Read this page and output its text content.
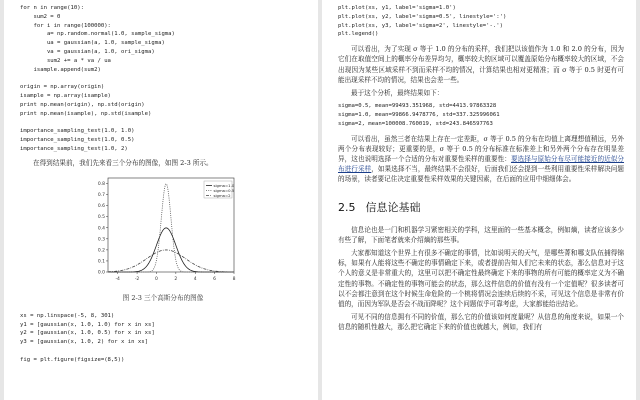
for n in range(10):
sum2 = 0
for i in range(100000):
a= np.random.normal(1.0, sample_sigma)
ua = gaussian(a, 1.0, sample_sigma)
va = gaussian(a, 1.0, ori_sigma)
sum2 += a * va / ua
isample.append(sum2)

origin = np.array(origin)
isample = np.array(isample)
print np.mean(origin), np.std(origin)
print np.mean(isample), np.std(isample)

importance_sampling_test(1.0, 1.0)
importance_sampling_test(1.0, 0.5)
importance_sampling_test(1.0, 2)

在得到结果前，我们先来看三个分布的图像，如图 2-3 所示。

-4	-2	0	2	4	6	8
0.0
0.1
0.2
0.3
0.4
0.5
0.6
0.7
0.8	sigma=1.0
sigma=0.5
sigma=2
图 2-3 三个高斯分布的图像
xs = np.linspace(-5, 8, 301)
y1 = [gaussian(x, 1.0, 1.0) for x in xs]
y2 = [gaussian(x, 1.0, 0.5) for x in xs]
y3 = [gaussian(x, 1.0, 2) for x in xs]

fig = plt.figure(figsize=(8,5))
plt.plot(xs, y1, label='sigma=1.0')
plt.plot(xs, y2, label='sigma=0.5', linestyle=':')
plt.plot(xs, y3, label='sigma=2', linestyle='-.')
plt.legend()

可以看出，为了实现 σ 等于 1.0 的分布的采样，我们把以该值作为 1.0 和 2.0 的分布，因为它们在取值空间上的概率分布差异均匀，概率较大的区域可以覆盖原始分布概率较大的区域，不会出现因为某些区域采样不到而采样不均的情况，计算结果也相对更精准；而 σ 等于 0.5 时更有可能出现采样不均的情况，结果也会差一些。

最于这个分析，最终结果如下：

sigma=0.5, mean=99493.351968, std=4413.97863328
sigma=1.0, mean=99866.9478776, std=337.325996061
sigma=2, mean=100008.760019, std=243.846597763

可以看出，虽然三者在结果上存在一定差距，σ 等于 0.5 的分布在均值上离理想值稍远，另外两个分布表现较好；更重要的是，σ 等于 0.5 的分布标准在标准差上和另外两个分布存在明显差异，这也说明选择一个合适的分布对重要性采样的重要性：要选择与原始分布尽可能接近的近似分布进行采样，如果选择不当，最终结果不会很好，后面我们还会提到一些利用重要性采样解决问题的场景，读者要记住决定重要性采样效果的关键因素，在后面的应用中细细体会。

2.5 信息论基础

信息论也是一门和机器学习紧密相关的学科，这里面的一些基本概念，例如熵，读者应该多少有些了解，下面笔者就来介绍熵的那些事。

大家都知道这个世界上有很多不确定的事情，比如说明天的天气，是哪些菁和哪支队伍捕得锦标，如果有人能将这些不确定的事情确定下来，或者提前告知人们它未来的状态，那么信息对于这个人的意义是非常重大的，这里可以把不确定性最终确定下来的事物的所有可能的概率定义为不确定性的事物。不确定性的事物可能会的状态，那么这件信息的价值有没有一个定值呢？很多读者可以不会都注意到在这个时候生命危险的一个桃将情况会连续后续的不采，可见这个信息是非常有价值的，而因为军队是否会不战而降呢？这个问题似乎可靠考虑，大家都能给出结论。

可见不同的信息拥有不同的价值，那么它的价值该如何度量呢？从信息的角度来说，如果一个信息的随机性越大，那么把它确定下来的价值也就越大，例如，我们有
